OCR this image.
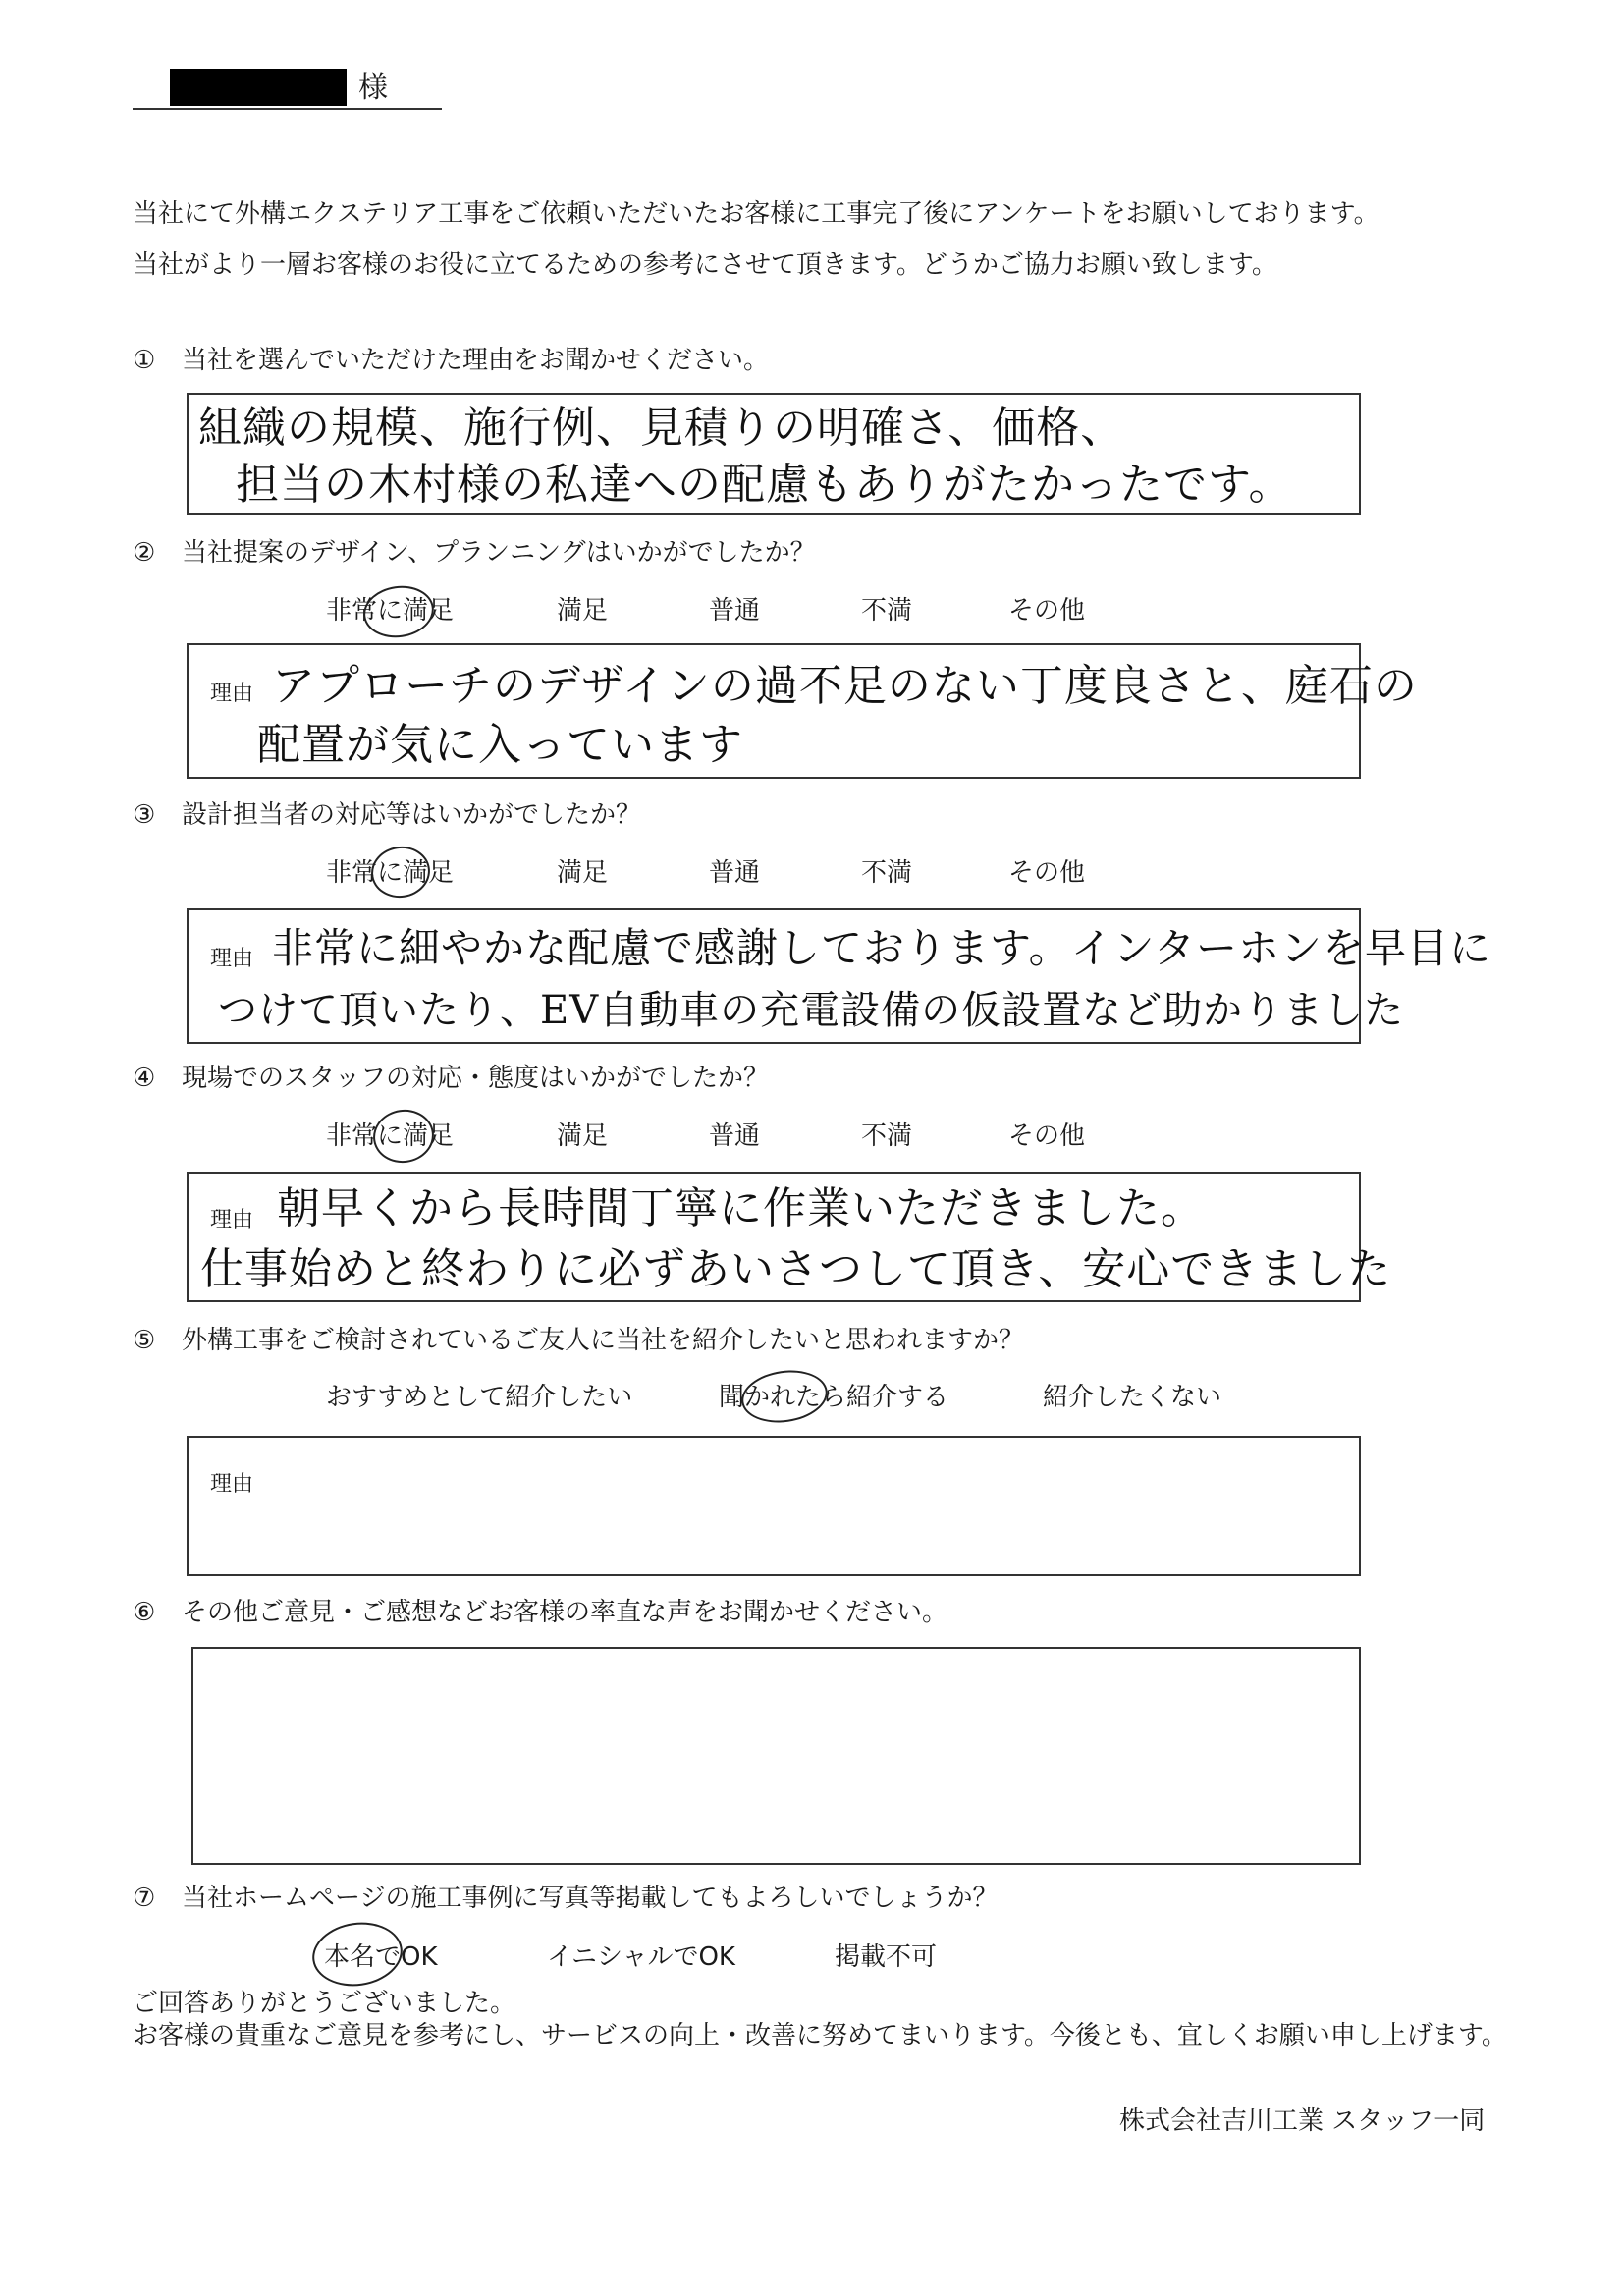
様
当社にて外構エクステリア工事をご依頼いただいたお客様に工事完了後にアンケートをお願いしております。
当社がより一層お客様のお役に立てるための参考にさせて頂きます。どうかご協力お願い致します。
① 当社を選んでいただけた理由をお聞かせください。
組織の規模、施行例、見積りの明確さ、価格、
担当の木村様の私達への配慮もありがたかったです。
② 当社提案のデザイン、プランニングはいかがでしたか？
非常に満足	満足	普通	不満	その他
理由 アプローチのデザインの過不足のない丁度良さと、庭石の
配置が気に入っています
③ 設計担当者の対応等はいかがでしたか？
非常に満足	満足	普通	不満	その他
理由 非常に細やかな配慮で感謝しております。インターホンを早目に
つけて頂いたり、EV自動車の充電設備の仮設置など助かりました
④ 現場でのスタッフの対応・態度はいかがでしたか？
非常に満足	満足	普通	不満	その他
理由 朝早くから長時間丁寧に作業いただきました。
仕事始めと終わりに必ずあいさつして頂き、安心できました
⑤ 外構工事をご検討されているご友人に当社を紹介したいと思われますか？
おすすめとして紹介したい	聞かれたら紹介する	紹介したくない
理由
⑥ その他ご意見・ご感想などお客様の率直な声をお聞かせください。
⑦ 当社ホームページの施工事例に写真等掲載してもよろしいでしょうか？
本名でOK	イニシャルでOK	掲載不可
ご回答ありがとうございました。
お客様の貴重なご意見を参考にし、サービスの向上・改善に努めてまいります。今後とも、宜しくお願い申し上げます。
株式会社吉川工業 スタッフ一同
